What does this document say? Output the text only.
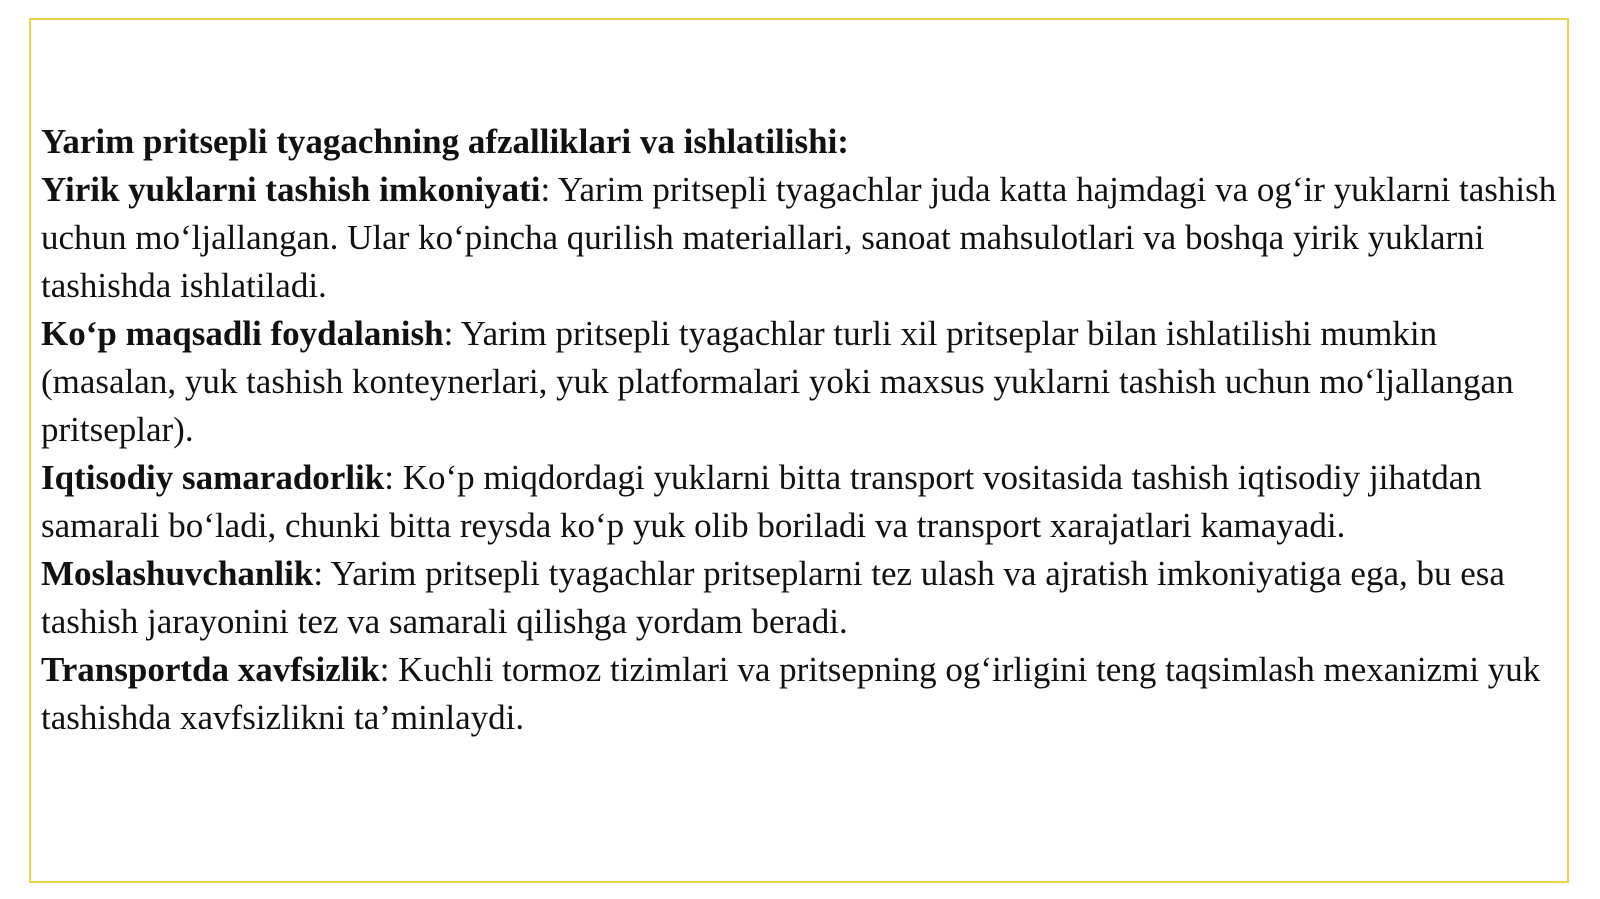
Yarim pritsepli tyagachning afzalliklari va ishlatilishi:

Yirik yuklarni tashish imkoniyati: Yarim pritsepli tyagachlar juda katta hajmdagi va og‘ir yuklarni tashish uchun mo‘ljallangan. Ular ko‘pincha qurilish materiallari, sanoat mahsulotlari va boshqa yirik yuklarni tashishda ishlatiladi.

Ko‘p maqsadli foydalanish: Yarim pritsepli tyagachlar turli xil pritseplar bilan ishlatilishi mumkin (masalan, yuk tashish konteynerlari, yuk platformalari yoki maxsus yuklarni tashish uchun mo‘ljallangan pritseplar).

Iqtisodiy samaradorlik: Ko‘p miqdordagi yuklarni bitta transport vositasida tashish iqtisodiy jihatdan samarali bo‘ladi, chunki bitta reysda ko‘p yuk olib boriladi va transport xarajatlari kamayadi.

Moslashuvchanlik: Yarim pritsepli tyagachlar pritseplarni tez ulash va ajratish imkoniyatiga ega, bu esa tashish jarayonini tez va samarali qilishga yordam beradi.

Transportda xavfsizlik: Kuchli tormoz tizimlari va pritsepning og‘irligini teng taqsimlash mexanizmi yuk tashishda xavfsizlikni ta’minlaydi.
